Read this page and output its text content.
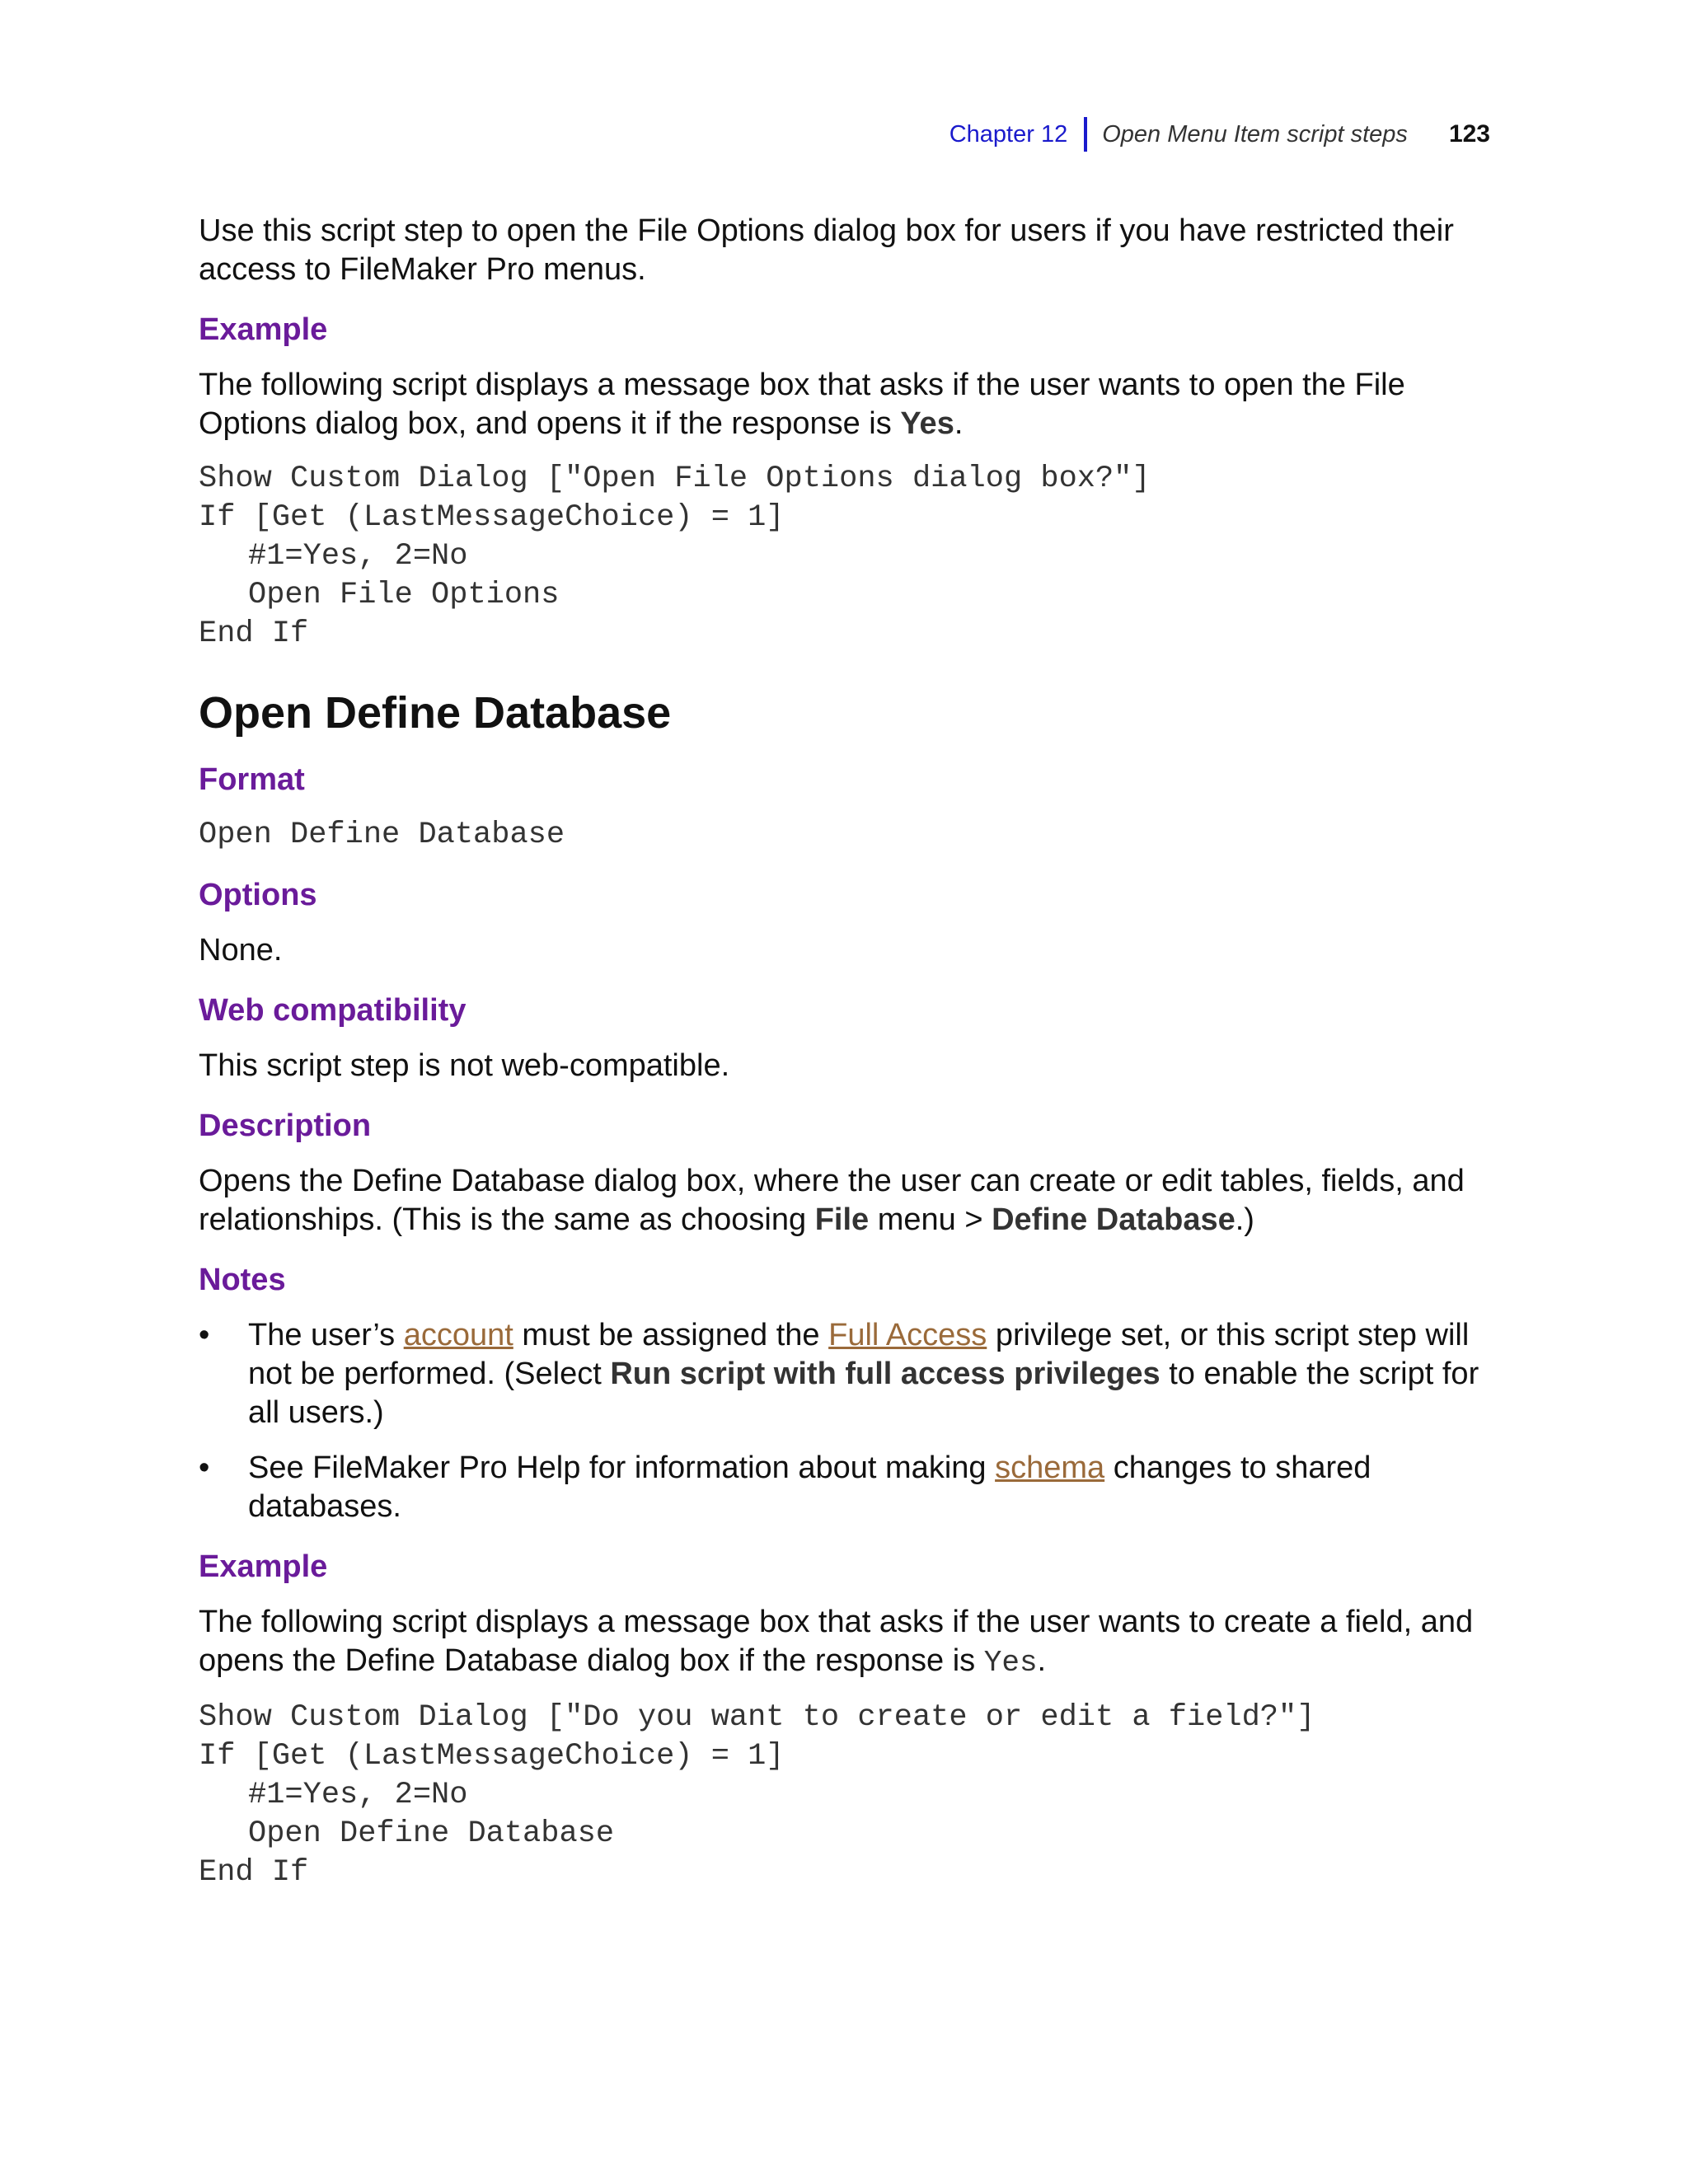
Chapter 12 Open Menu Item script steps 123

Use this script step to open the File Options dialog box for users if you have restricted their access to FileMaker Pro menus.

Example

The following script displays a message box that asks if the user wants to open the File Options dialog box, and opens it if the response is Yes.

Show Custom Dialog ["Open File Options dialog box?"]
If [Get (LastMessageChoice) = 1]
#1=Yes, 2=No
Open File Options
End If
Open Define Database
Format
Open Define Database
Options

None.

Web compatibility

This script step is not web-compatible.

Description

Opens the Define Database dialog box, where the user can create or edit tables, fields, and relationships. (This is the same as choosing File menu > Define Database.)

Notes
• The user’s account must be assigned the Full Access privilege set, or this script step will not be performed. (Select Run script with full access privileges to enable the script for all users.)
• See FileMaker Pro Help for information about making schema changes to shared databases.
Example

The following script displays a message box that asks if the user wants to create a field, and opens the Define Database dialog box if the response is Yes.

Show Custom Dialog ["Do you want to create or edit a field?"]
If [Get (LastMessageChoice) = 1]
#1=Yes, 2=No
Open Define Database
End If
